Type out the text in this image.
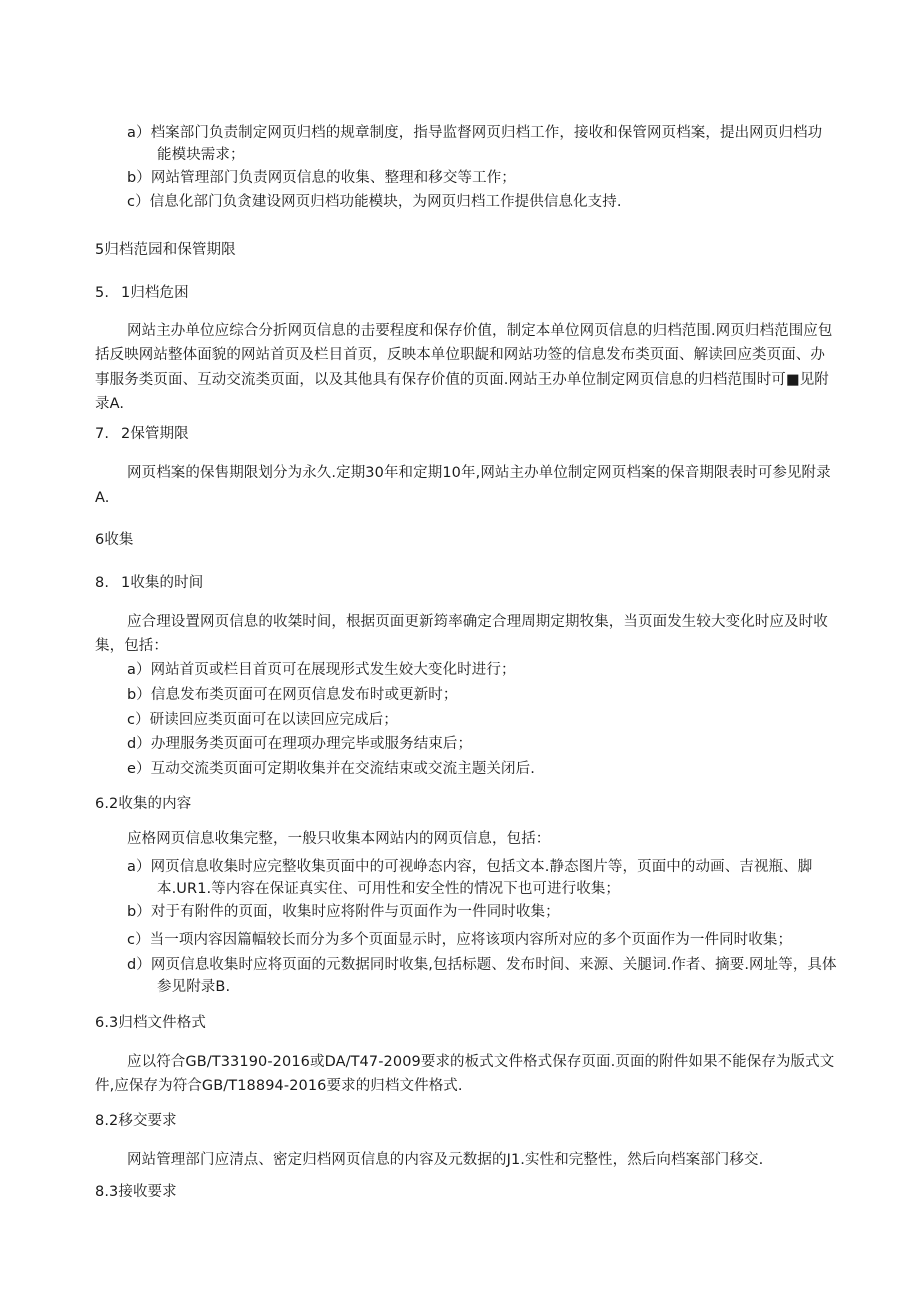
a）档案部门负责制定网页归档的规章制度，指导监督网页归档工作，接收和保管网页档案，提出网页归档功
能模块需求；
b）网站管理部门负责网页信息的收集、整理和移交等工作；
c）信息化部门负贪建设网页归档功能模块，为网页归档工作提供信息化支持.
5归档范园和保管期限
5. 1归档危困
网站主办单位应综合分折网页信息的击要程度和保存价值，制定本单位网页信息的归档范围.网页归档范围应包
括反映网站整体面貌的网站首页及栏目首页，反映本单位职龊和网站功签的信息发布类页面、解读回应类页面、办
事服务类页面、互动交流类页面，以及其他具有保存价值的页面.网站王办单位制定网页信息的归档范围时可■见附
录A.
7. 2保管期限
网页档案的保售期限划分为永久.定期30年和定期10年,网站主办单位制定网页档案的保音期限表时可参见附录
A.
6收集
8. 1收集的时间
应合理设置网页信息的收桀时间，根据页面更新筠率确定合理周期定期牧集，当页面发生较大变化时应及时收
集，包括：
a）网站首页或栏目首页可在展现形式发生姣大变化时进行；
b）信息发布类页面可在网页信息发布时或更新时；
c）研读回应类页面可在以读回应完成后；
d）办理服务类页面可在理项办理完毕或服务结束后；
e）互动交流类页面可定期收集并在交流结束或交流主题关闭后.
6.2收集的内容
应格网页信息收集完整，一般只收集本网站内的网页信息，包括：
a）网页信息收集时应完整收集页面中的可视峥态内容，包括文本.静态图片等，页面中的动画、吉视瓶、脚
本.UR1.等内容在保证真实住、可用性和安全性的情况下也可进行收集；
b）对于有附件的页面，收集时应将附件与页面作为一件同时收集；
c）当一项内容因篇幅较长而分为多个页面显示时，应将该项内容所对应的多个页面作为一件同时收集；
d）网页信息收集时应将页面的元数据同时收集,包括标题、发布时间、来源、关腿词.作者、摘要.网址等，具体
参见附录B.
6.3归档文件格式
应以符合GB/T33190-2016或DA/T47-2009要求的板式文件格式保存页面.页面的附件如果不能保存为版式文
件,应保存为符合GB/T18894-2016要求的归档文件格式.
8.2移交要求
网站管理部门应清点、密定归档网页信息的内容及元数据的J1.实性和完整性，然后向档案部门移交.
8.3接收要求
